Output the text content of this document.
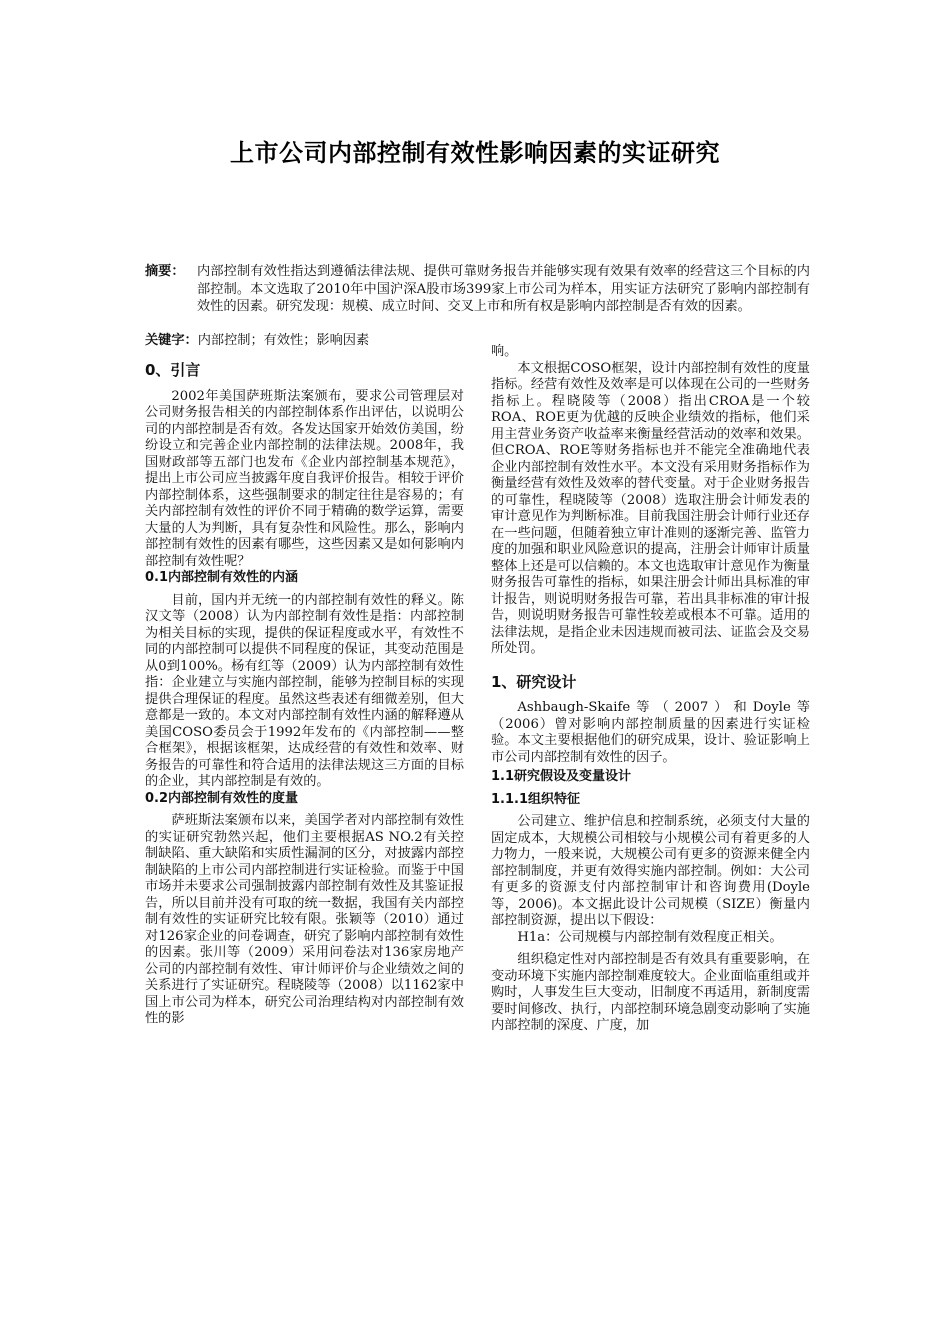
上市公司内部控制有效性影响因素的实证研究
摘要： 内部控制有效性指达到遵循法律法规、提供可靠财务报告并能够实现有效果有效率的经营这三个目标的内部控制。本文选取了2010年中国沪深A股市场399家上市公司为样本，用实证方法研究了影响内部控制有效性的因素。研究发现：规模、成立时间、交叉上市和所有权是影响内部控制是否有效的因素。
关键字：内部控制；有效性；影响因素
0、引言

2002年美国萨班斯法案颁布，要求公司管理层对公司财务报告相关的内部控制体系作出评估，以说明公司的内部控制是否有效。各发达国家开始效仿美国，纷纷设立和完善企业内部控制的法律法规。2008年，我国财政部等五部门也发布《企业内部控制基本规范》，提出上市公司应当披露年度自我评价报告。相较于评价内部控制体系，这些强制要求的制定往往是容易的；有关内部控制有效性的评价不同于精确的数学运算，需要大量的人为判断，具有复杂性和风险性。那么，影响内部控制有效性的因素有哪些，这些因素又是如何影响内部控制有效性呢？

0.1内部控制有效性的内涵

目前，国内并无统一的内部控制有效性的释义。陈汉文等（2008）认为内部控制有效性是指：内部控制为相关目标的实现，提供的保证程度或水平，有效性不同的内部控制可以提供不同程度的保证，其变动范围是从0到100%。杨有红等（2009）认为内部控制有效性指：企业建立与实施内部控制，能够为控制目标的实现提供合理保证的程度。虽然这些表述有细微差别，但大意都是一致的。本文对内部控制有效性内涵的解释遵从美国COSO委员会于1992年发布的《内部控制——整合框架》，根据该框架，达成经营的有效性和效率、财务报告的可靠性和符合适用的法律法规这三方面的目标的企业，其内部控制是有效的。

0.2内部控制有效性的度量

萨班斯法案颁布以来，美国学者对内部控制有效性的实证研究勃然兴起，他们主要根据AS NO.2有关控制缺陷、重大缺陷和实质性漏洞的区分，对披露内部控制缺陷的上市公司内部控制进行实证检验。而鉴于中国市场并未要求公司强制披露内部控制有效性及其鉴证报告，所以目前并没有可取的统一数据，我国有关内部控制有效性的实证研究比较有限。张颖等（2010）通过对126家企业的问卷调查，研究了影响内部控制有效性的因素。张川等（2009）采用问卷法对136家房地产公司的内部控制有效性、审计师评价与企业绩效之间的关系进行了实证研究。程晓陵等（2008）以1162家中国上市公司为样本，研究公司治理结构对内部控制有效性的影

响。

本文根据COSO框架，设计内部控制有效性的度量指标。经营有效性及效率是可以体现在公司的一些财务指标上。程晓陵等（2008）指出CROA是一个较ROA、ROE更为优越的反映企业绩效的指标，他们采用主营业务资产收益率来衡量经营活动的效率和效果。但CROA、ROE等财务指标也并不能完全准确地代表企业内部控制有效性水平。本文没有采用财务指标作为衡量经营有效性及效率的替代变量。对于企业财务报告的可靠性，程晓陵等（2008）选取注册会计师发表的审计意见作为判断标准。目前我国注册会计师行业还存在一些问题，但随着独立审计准则的逐渐完善、监管力度的加强和职业风险意识的提高，注册会计师审计质量整体上还是可以信赖的。本文也选取审计意见作为衡量财务报告可靠性的指标，如果注册会计师出具标准的审计报告，则说明财务报告可靠，若出具非标准的审计报告，则说明财务报告可靠性较差或根本不可靠。适用的法律法规，是指企业未因违规而被司法、证监会及交易所处罚。

1、研究设计

Ashbaugh-Skaife等（2007）和Doyle等（2006）曾对影响内部控制质量的因素进行实证检验。本文主要根据他们的研究成果，设计、验证影响上市公司内部控制有效性的因子。

1.1研究假设及变量设计
1.1.1组织特征

公司建立、维护信息和控制系统，必须支付大量的固定成本，大规模公司相较与小规模公司有着更多的人力物力，一般来说，大规模公司有更多的资源来健全内部控制制度，并更有效得实施内部控制。例如：大公司有更多的资源支付内部控制审计和咨询费用(Doyle等，2006)。本文据此设计公司规模（SIZE）衡量内部控制资源，提出以下假设：

H1a：公司规模与内部控制有效程度正相关。

组织稳定性对内部控制是否有效具有重要影响，在变动环境下实施内部控制难度较大。企业面临重组或并购时，人事发生巨大变动，旧制度不再适用，新制度需要时间修改、执行，内部控制环境急剧变动影响了实施内部控制的深度、广度，加
